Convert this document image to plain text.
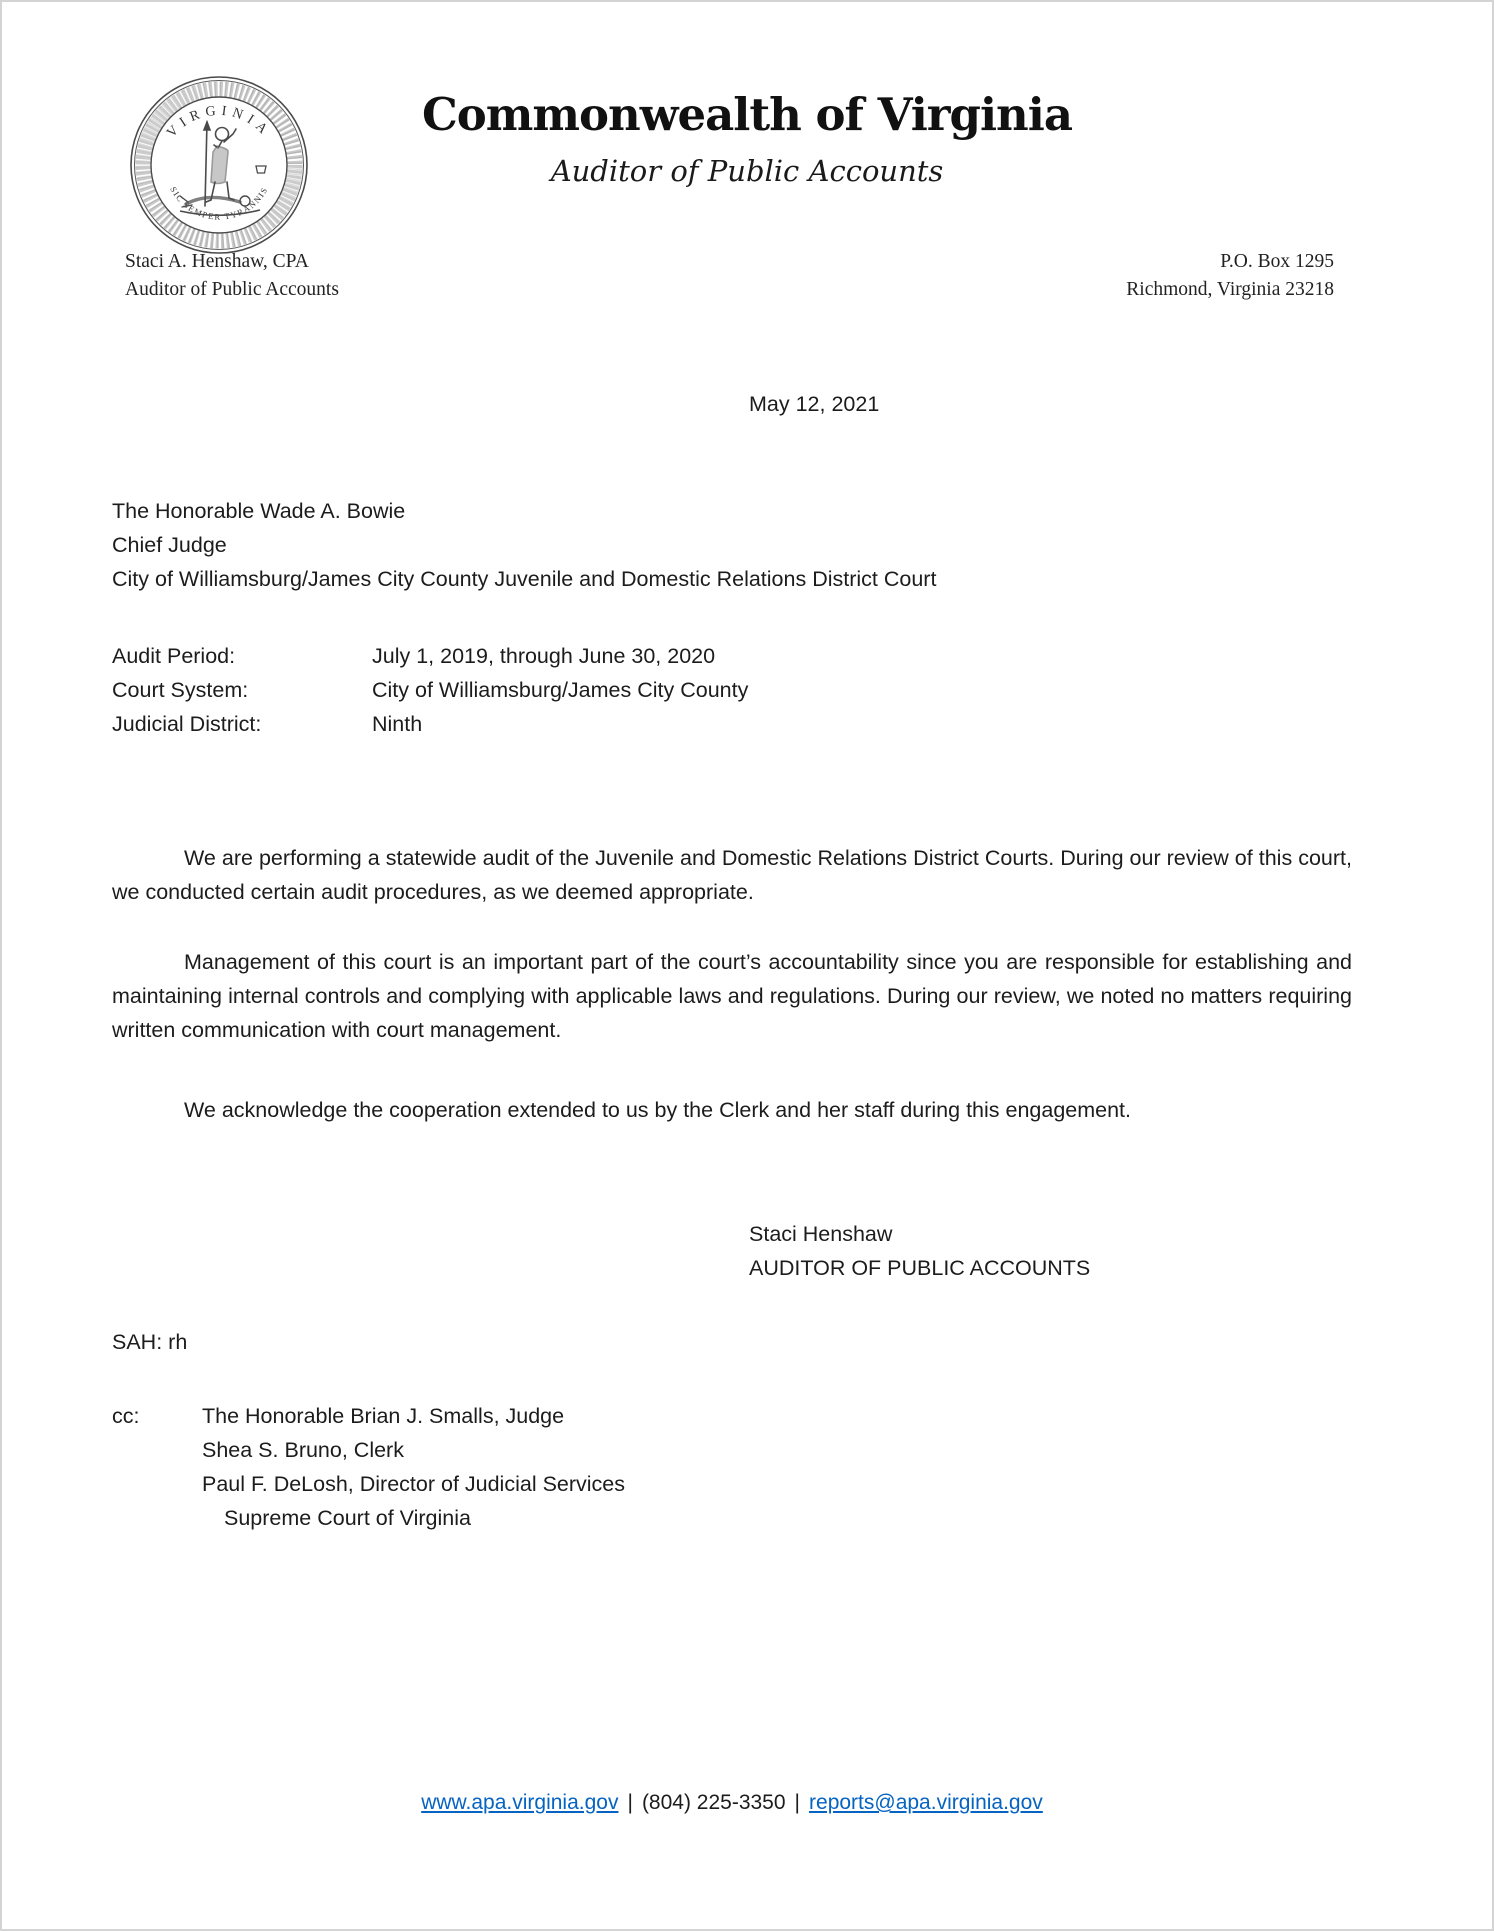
VIRGINIA
SIC SEMPER TYRANNIS
Commonwealth of Virginia
Auditor of Public Accounts
Staci A. Henshaw, CPA
Auditor of Public Accounts
P.O. Box 1295
Richmond, Virginia 23218
May 12, 2021
The Honorable Wade A. Bowie
Chief Judge
City of Williamsburg/James City County Juvenile and Domestic Relations District Court
Audit Period:	July 1, 2019, through June 30, 2020
Court System:	City of Williamsburg/James City County
Judicial District:	Ninth

We are performing a statewide audit of the Juvenile and Domestic Relations District Courts. During our review of this court, we conducted certain audit procedures, as we deemed appropriate.

Management of this court is an important part of the court’s accountability since you are responsible for establishing and maintaining internal controls and complying with applicable laws and regulations. During our review, we noted no matters requiring written communication with court management.

We acknowledge the cooperation extended to us by the Clerk and her staff during this engagement.

Staci Henshaw
AUDITOR OF PUBLIC ACCOUNTS
SAH: rh
cc:	The Honorable Brian J. Smalls, Judge
Shea S. Bruno, Clerk
Paul F. DeLosh, Director of Judicial Services
Supreme Court of Virginia
www.apa.virginia.gov | (804) 225-3350 | reports@apa.virginia.gov
